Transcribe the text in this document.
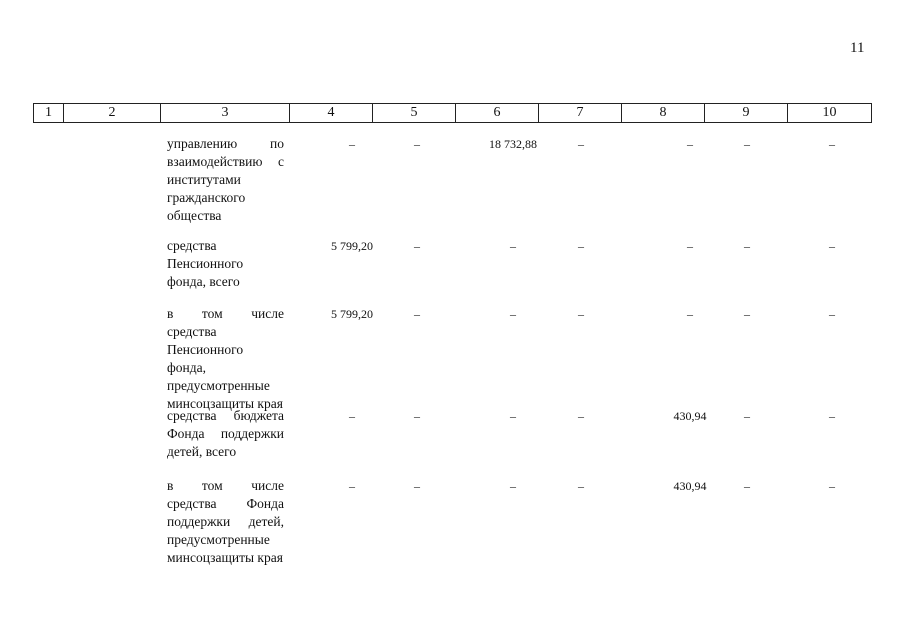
11
1	2	3	4	5	6	7	8	9	10
управлению по взаимодействию с институтами гражданского общества
–	–	18 732,88	–	–	–	–
средства Пенсионного фонда, всего
5 799,20	–	–	–	–	–	–
в том числе средства Пенсионного фонда, предусмотренные минсоцзащиты края
5 799,20	–	–	–	–	–	–
средства бюджета Фонда поддержки детей, всего
–	–	–	–	430,94	–	–
в том числе средства Фонда поддержки детей, предусмотренные минсоцзащиты края
–	–	–	–	430,94	–	–
